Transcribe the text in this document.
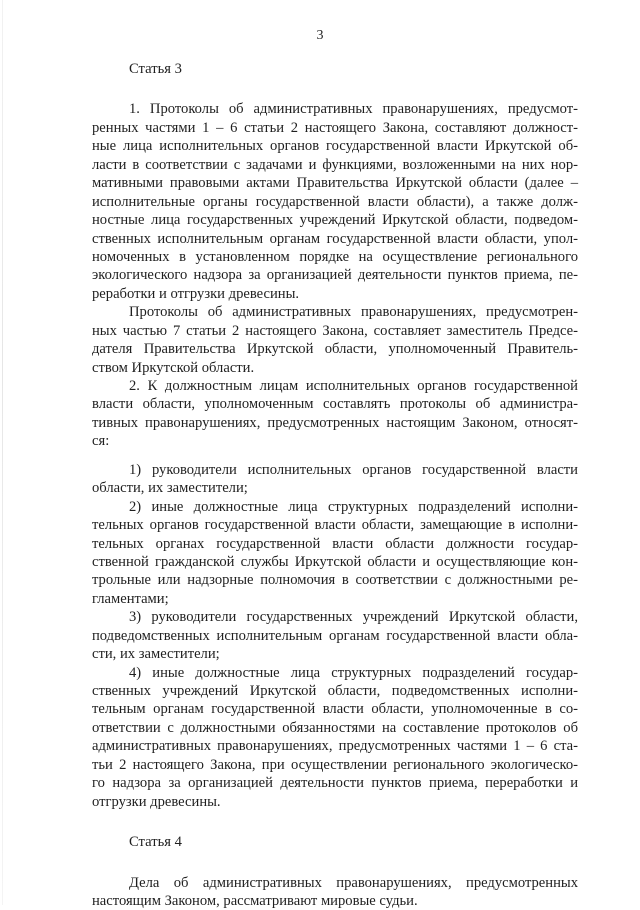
3
Статья 3
1. Протоколы об административных правонарушениях, предусмот-
ренных частями 1 – 6 статьи 2 настоящего Закона, составляют должност-
ные лица исполнительных органов государственной власти Иркутской об-
ласти в соответствии с задачами и функциями, возложенными на них нор-
мативными правовыми актами Правительства Иркутской области (далее –
исполнительные органы государственной власти области), а также долж-
ностные лица государственных учреждений Иркутской области, подведом-
ственных исполнительным органам государственной власти области, упол-
номоченных в установленном порядке на осуществление регионального
экологического надзора за организацией деятельности пунктов приема, пе-
реработки и отгрузки древесины.
Протоколы об административных правонарушениях, предусмотрен-
ных частью 7 статьи 2 настоящего Закона, составляет заместитель Предсе-
дателя Правительства Иркутской области, уполномоченный Правитель-
ством Иркутской области.
2. К должностным лицам исполнительных органов государственной
власти области, уполномоченным составлять протоколы об администра-
тивных правонарушениях, предусмотренных настоящим Законом, относят-
ся:
1) руководители исполнительных органов государственной власти
области, их заместители;
2) иные должностные лица структурных подразделений исполни-
тельных органов государственной власти области, замещающие в исполни-
тельных органах государственной власти области должности государ-
ственной гражданской службы Иркутской области и осуществляющие кон-
трольные или надзорные полномочия в соответствии с должностными ре-
гламентами;
3) руководители государственных учреждений Иркутской области,
подведомственных исполнительным органам государственной власти обла-
сти, их заместители;
4) иные должностные лица структурных подразделений государ-
ственных учреждений Иркутской области, подведомственных исполни-
тельным органам государственной власти области, уполномоченные в со-
ответствии с должностными обязанностями на составление протоколов об
административных правонарушениях, предусмотренных частями 1 – 6 ста-
тьи 2 настоящего Закона, при осуществлении регионального экологическо-
го надзора за организацией деятельности пунктов приема, переработки и
отгрузки древесины.
Статья 4
Дела об административных правонарушениях, предусмотренных
настоящим Законом, рассматривают мировые судьи.
